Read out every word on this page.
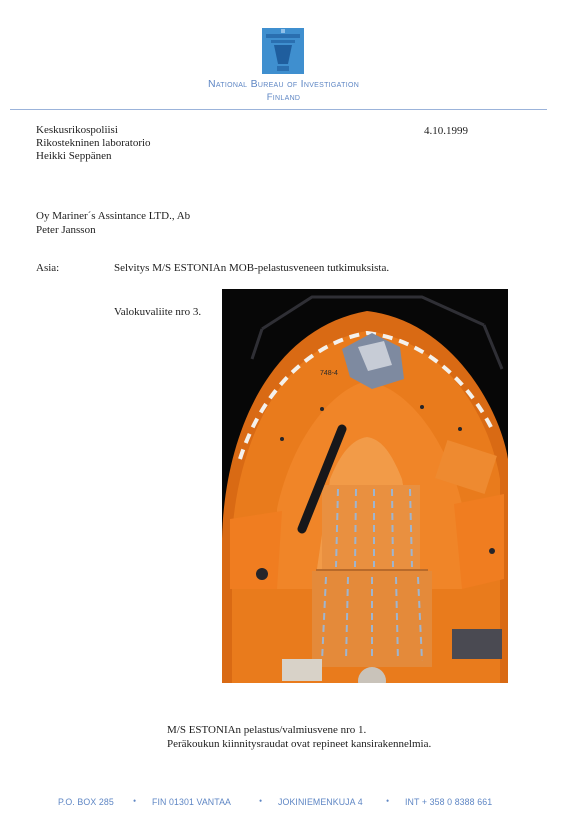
National Bureau of Investigation
Finland
Keskusrikospoliisi
Rikostekninen laboratorio
Heikki Seppänen
4.10.1999
Oy Mariner´s Assintance LTD., Ab
Peter Jansson
Asia:	Selvitys M/S ESTONIAn MOB-pelastusveneen tutkimuksista.
Valokuvaliite nro 3.
748-4
M/S ESTONIAn pelastus/valmiusvene nro 1.
Peräkoukun kiinnitysraudat ovat repineet kansirakennelmia.
P.O. BOX 285 • FIN 01301 VANTAA	• JOKINIEMENKUJA 4	• INT + 358 0 8388 661
